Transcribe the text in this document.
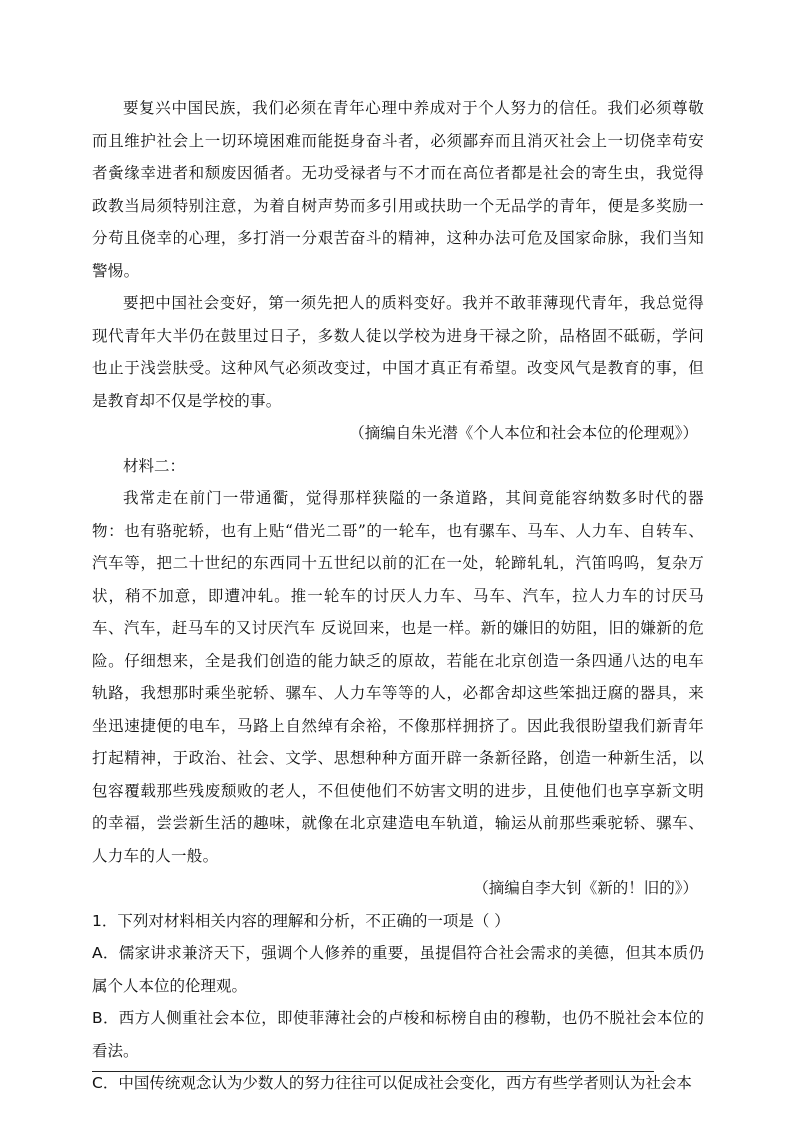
要复兴中国民族，我们必须在青年心理中养成对于个人努力的信任。我们必须尊敬而且维护社会上一切环境困难而能挺身奋斗者，必须鄙弃而且消灭社会上一切侥幸苟安者夤缘幸进者和颓废因循者。无功受禄者与不才而在高位者都是社会的寄生虫，我觉得政教当局须特别注意，为着自树声势而多引用或扶助一个无品学的青年，便是多奖励一分苟且侥幸的心理，多打消一分艰苦奋斗的精神，这种办法可危及国家命脉，我们当知警惕。

要把中国社会变好，第一须先把人的质料变好。我并不敢菲薄现代青年，我总觉得现代青年大半仍在鼓里过日子，多数人徒以学校为进身干禄之阶，品格固不砥砺，学问也止于浅尝肤受。这种风气必须改变过，中国才真正有希望。改变风气是教育的事，但是教育却不仅是学校的事。

（摘编自朱光潜《个人本位和社会本位的伦理观》）

材料二：

我常走在前门一带通衢，觉得那样狭隘的一条道路，其间竟能容纳数多时代的器物：也有骆驼轿，也有上贴“借光二哥”的一轮车，也有骡车、马车、人力车、自转车、汽车等，把二十世纪的东西同十五世纪以前的汇在一处，轮蹄轧轧，汽笛呜呜，复杂万状，稍不加意，即遭冲轧。推一轮车的讨厌人力车、马车、汽车，拉人力车的讨厌马车、汽车，赶马车的又讨厌汽车 反说回来，也是一样。新的嫌旧的妨阻，旧的嫌新的危险。仔细想来，全是我们创造的能力缺乏的原故，若能在北京创造一条四通八达的电车轨路，我想那时乘坐驼轿、骡车、人力车等等的人，必都舍却这些笨拙迂腐的器具，来坐迅速捷便的电车，马路上自然绰有余裕，不像那样拥挤了。因此我很盼望我们新青年打起精神，于政治、社会、文学、思想种种方面开辟一条新径路，创造一种新生活，以包容覆载那些残废颓败的老人，不但使他们不妨害文明的进步，且使他们也享享新文明的幸福，尝尝新生活的趣味，就像在北京建造电车轨道，输运从前那些乘驼轿、骡车、人力车的人一般。

（摘编自李大钊《新的！旧的》）

1．下列对材料相关内容的理解和分析，不正确的一项是（ ）

A．儒家讲求兼济天下，强调个人修养的重要，虽提倡符合社会需求的美德，但其本质仍属个人本位的伦理观。

B．西方人侧重社会本位，即使菲薄社会的卢梭和标榜自由的穆勒，也仍不脱社会本位的看法。

C．中国传统观念认为少数人的努力往往可以促成社会变化，西方有些学者则认为社会本
